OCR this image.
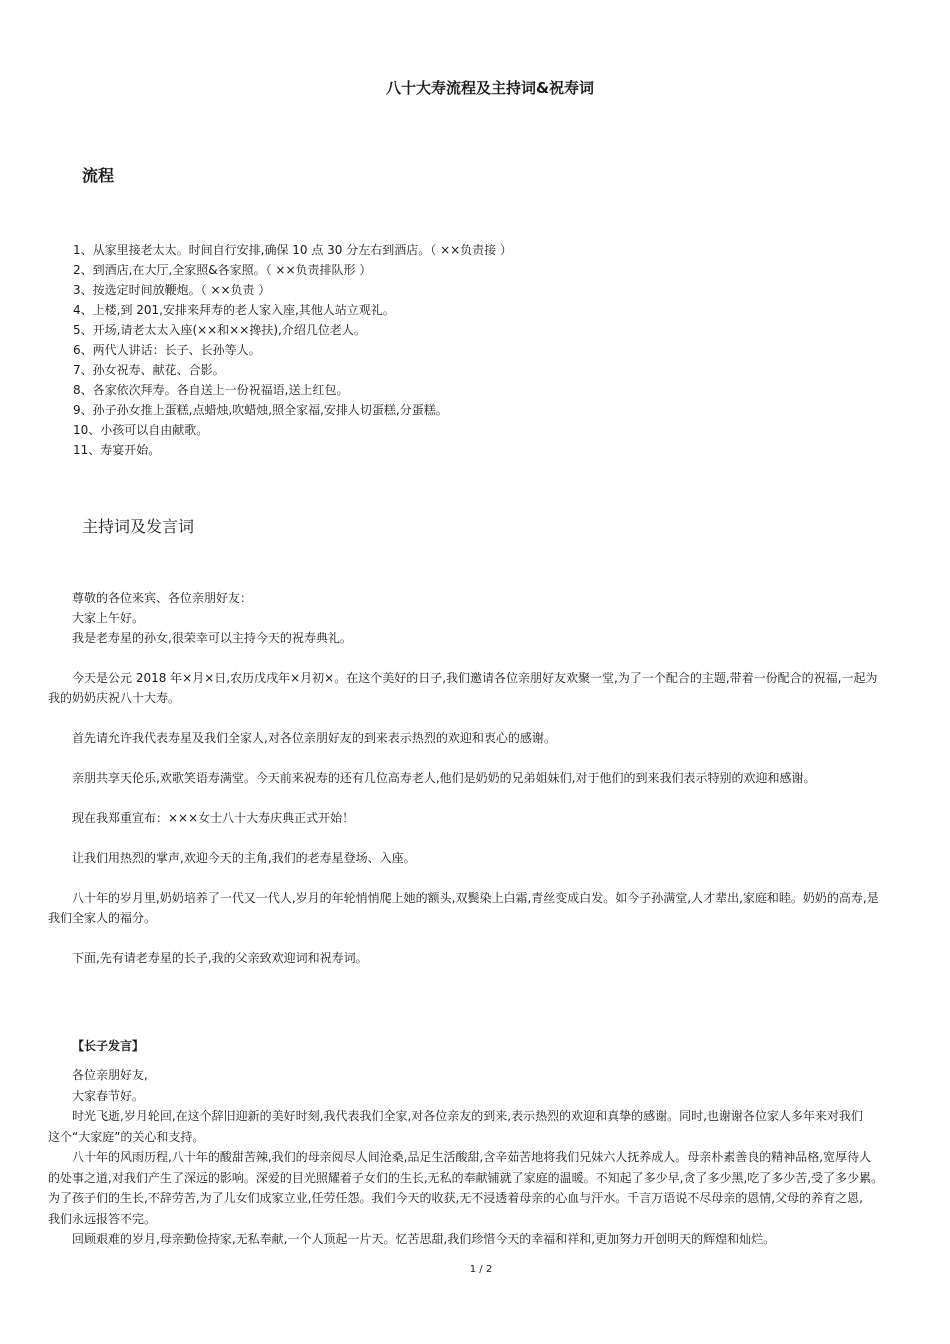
八十大寿流程及主持词&祝寿词
流程
1、从家里接老太太。时间自行安排,确保 10 点 30 分左右到酒店。（ ××负责接 ）
2、到酒店,在大厅,全家照&各家照。（ ××负责排队形 ）
3、按选定时间放鞭炮。（ ××负责 ）
4、上楼,到 201,安排来拜寿的老人家入座,其他人站立观礼。
5、开场,请老太太入座(××和××搀扶),介绍几位老人。
6、两代人讲话：长子、长孙等人。
7、孙女祝寿、献花、合影。
8、各家依次拜寿。各自送上一份祝福语,送上红包。
9、孙子孙女推上蛋糕,点蜡烛,吹蜡烛,照全家福,安排人切蛋糕,分蛋糕。
10、小孩可以自由献歌。
11、寿宴开始。
主持词及发言词
尊敬的各位来宾、各位亲朋好友：
大家上午好。
我是老寿星的孙女,很荣幸可以主持今天的祝寿典礼。
今天是公元 2018 年×月×日,农历戊戌年×月初×。在这个美好的日子,我们邀请各位亲朋好友欢聚一堂,为了一个配合的主题,带着一份配合的祝福,一起为
我的奶奶庆祝八十大寿。
首先请允许我代表寿星及我们全家人,对各位亲朋好友的到来表示热烈的欢迎和衷心的感谢。
亲朋共享天伦乐,欢歌笑语寿满堂。今天前来祝寿的还有几位高寿老人,他们是奶奶的兄弟姐妹们,对于他们的到来我们表示特别的欢迎和感谢。
现在我郑重宣布：×××女士八十大寿庆典正式开始！
让我们用热烈的掌声,欢迎今天的主角,我们的老寿星登场、入座。
八十年的岁月里,奶奶培养了一代又一代人,岁月的年轮悄悄爬上她的额头,双鬓染上白霜,青丝变成白发。如今子孙满堂,人才辈出,家庭和睦。奶奶的高寿,是
我们全家人的福分。
下面,先有请老寿星的长子,我的父亲致欢迎词和祝寿词。
【长子发言】
各位亲朋好友,
大家春节好。
时光飞逝,岁月轮回,在这个辞旧迎新的美好时刻,我代表我们全家,对各位亲友的到来,表示热烈的欢迎和真挚的感谢。同时,也谢谢各位家人多年来对我们
这个“大家庭”的关心和支持。
八十年的风雨历程,八十年的酸甜苦辣,我们的母亲阅尽人间沧桑,品足生活酸甜,含辛茹苦地将我们兄妹六人抚养成人。母亲朴素善良的精神品格,宽厚待人
的处事之道,对我们产生了深远的影响。深爱的目光照耀着子女们的生长,无私的奉献铺就了家庭的温暖。不知起了多少早,贪了多少黑,吃了多少苦,受了多少累。
为了孩子们的生长,不辞劳苦,为了儿女们成家立业,任劳任怨。我们今天的收获,无不浸透着母亲的心血与汗水。千言万语说不尽母亲的恩情,父母的养育之恩,
我们永远报答不完。
回顾艰难的岁月,母亲勤俭持家,无私奉献,一个人顶起一片天。忆苦思甜,我们珍惜今天的幸福和祥和,更加努力开创明天的辉煌和灿烂。
1 / 2
